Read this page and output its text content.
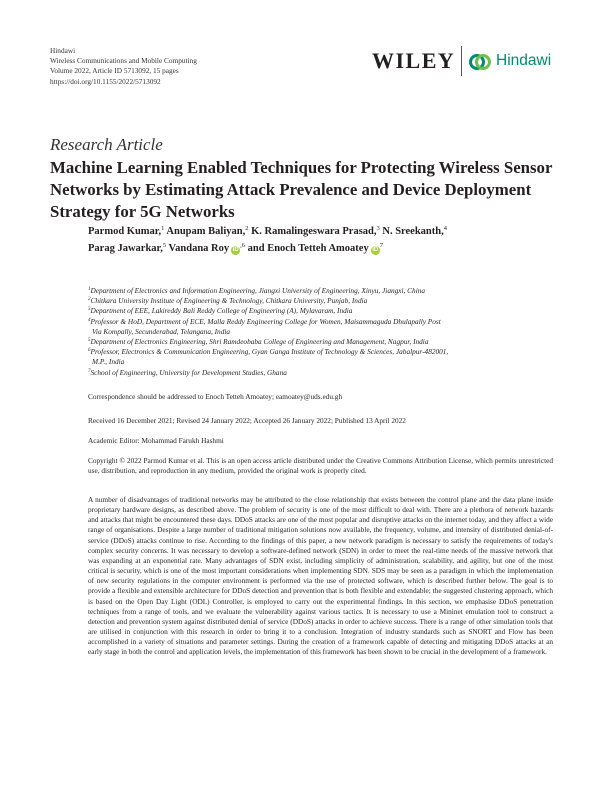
Hindawi
Wireless Communications and Mobile Computing
Volume 2022, Article ID 5713092, 15 pages
https://doi.org/10.1155/2022/5713092
WILEY	Hindawi
Research Article
Machine Learning Enabled Techniques for Protecting Wireless Sensor Networks by Estimating Attack Prevalence and Device Deployment Strategy for 5G Networks
Parmod Kumar,$^1$ Anupam Baliyan,$^2$ K. Ramalingeswara Prasad,$^3$ N. Sreekanth,$^4$
Parag Jawarkar,$^5$ Vandana Roy $iD^{,6}$ and Enoch Tetteh Amoatey $iD^7$
$^1$Department of Electronics and Information Engineering, Jiangxi University of Engineering, Xinyu, Jiangxi, China
$^2$Chitkara University Institute of Engineering & Technology, Chitkara University, Punjab, India
$^3$Department of EEE, Lakireddy Bali Reddy College of Engineering (A), Mylavaram, India
$^4$Professor & HoD, Department of ECE, Malla Reddy Engineering College for Women, Maisammaguda Dhulapally Post
Via Kompally, Secunderabad, Telangana, India
$^5$Department of Electronics Engineering, Shri Ramdeobaba College of Engineering and Management, Nagpur, India
$^6$Professor, Electronics & Communication Engineering, Gyan Ganga Institute of Technology & Sciences, Jabalpur-482001,
M.P., India
$^7$School of Engineering, University for Development Studies, Ghana
Correspondence should be addressed to Enoch Tetteh Amoatey; eamoatey@uds.edu.gh
Received 16 December 2021; Revised 24 January 2022; Accepted 26 January 2022; Published 13 April 2022
Academic Editor: Mohammad Farukh Hashmi
Copyright © 2022 Parmod Kumar et al. This is an open access article distributed under the Creative Commons Attribution License, which permits unrestricted use, distribution, and reproduction in any medium, provided the original work is properly cited.
A number of disadvantages of traditional networks may be attributed to the close relationship that exists between the control plane and the data plane inside proprietary hardware designs, as described above. The problem of security is one of the most difficult to deal with. There are a plethora of network hazards and attacks that might be encountered these days. DDoS attacks are one of the most popular and disruptive attacks on the internet today, and they affect a wide range of organisations. Despite a large number of traditional mitigation solutions now available, the frequency, volume, and intensity of distributed denial-of-service (DDoS) attacks continue to rise. According to the findings of this paper, a new network paradigm is necessary to satisfy the requirements of today's complex security concerns. It was necessary to develop a software-defined network (SDN) in order to meet the real-time needs of the massive network that was expanding at an exponential rate. Many advantages of SDN exist, including simplicity of administration, scalability, and agility, but one of the most critical is security, which is one of the most important considerations when implementing SDN. SDS may be seen as a paradigm in which the implementation of new security regulations in the computer environment is performed via the use of protected software, which is described further below. The goal is to provide a flexible and extensible architecture for DDoS detection and prevention that is both flexible and extendable; the suggested clustering approach, which is based on the Open Day Light (ODL) Controller, is employed to carry out the experimental findings. In this section, we emphasise DDoS penetration techniques from a range of tools, and we evaluate the vulnerability against various tactics. It is necessary to use a Mininet emulation tool to construct a detection and prevention system against distributed denial of service (DDoS) attacks in order to achieve success. There is a range of other simulation tools that are utilised in conjunction with this research in order to bring it to a conclusion. Integration of industry standards such as SNORT and Flow has been accomplished in a variety of situations and parameter settings. During the creation of a framework capable of detecting and mitigating DDoS attacks at an early stage in both the control and application levels, the implementation of this framework has been shown to be crucial in the development of a framework.
